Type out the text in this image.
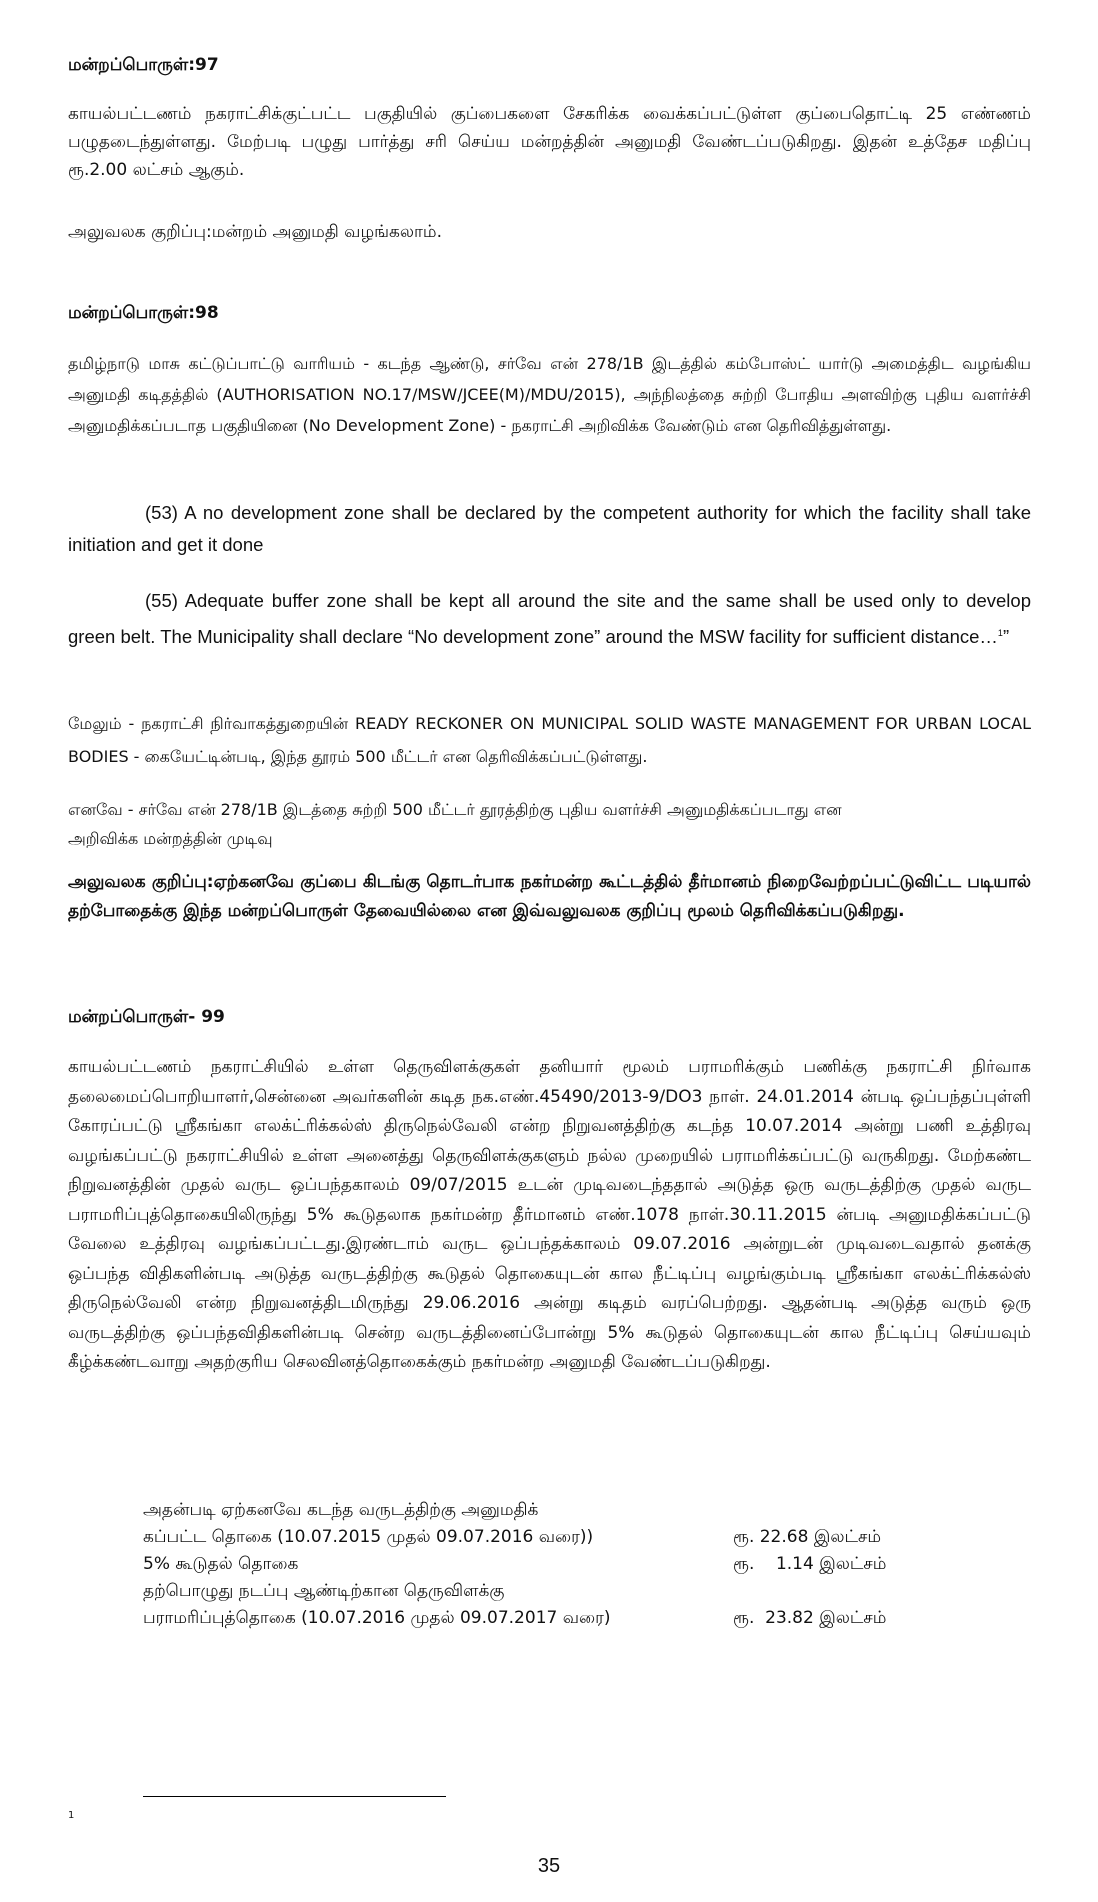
மன்றப்பொருள்:97
காயல்பட்டணம் நகராட்சிக்குட்பட்ட பகுதியில் குப்பைகளை சேகரிக்க வைக்கப்பட்டுள்ள குப்பைதொட்டி 25 எண்ணம் பழுதடைந்துள்ளது. மேற்படி பழுது பார்த்து சரி செய்ய மன்றத்தின் அனுமதி வேண்டப்படுகிறது. இதன் உத்தேச மதிப்பு ரூ.2.00 லட்சம் ஆகும்.
அலுவலக குறிப்பு:மன்றம் அனுமதி வழங்கலாம்.
மன்றப்பொருள்:98
தமிழ்நாடு மாசு கட்டுப்பாட்டு வாரியம் - கடந்த ஆண்டு, சர்வே என் 278/1B இடத்தில் கம்போஸ்ட் யார்டு அமைத்திட வழங்கிய அனுமதி கடிதத்தில் (AUTHORISATION NO.17/MSW/JCEE(M)/MDU/2015), அந்நிலத்தை சுற்றி போதிய அளவிற்கு புதிய வளர்ச்சி அனுமதிக்கப்படாத பகுதியினை (No Development Zone) - நகராட்சி அறிவிக்க வேண்டும் என தெரிவித்துள்ளது.
(53) A no development zone shall be declared by the competent authority for which the facility shall take initiation and get it done
(55) Adequate buffer zone shall be kept all around the site and the same shall be used only to develop green belt. The Municipality shall declare “No development zone” around the MSW facility for sufficient distance…$^1$”
மேலும் - நகராட்சி நிர்வாகத்துறையின் READY RECKONER ON MUNICIPAL SOLID WASTE MANAGEMENT FOR URBAN LOCAL BODIES - கையேட்டின்படி, இந்த தூரம் 500 மீட்டர் என தெரிவிக்கப்பட்டுள்ளது.
எனவே - சர்வே என் 278/1B இடத்தை சுற்றி 500 மீட்டர் தூரத்திற்கு புதிய வளர்ச்சி அனுமதிக்கப்படாது என அறிவிக்க மன்றத்தின் முடிவு
அலுவலக குறிப்பு:ஏற்கனவே குப்பை கிடங்கு தொடர்பாக நகர்மன்ற கூட்டத்தில் தீர்மானம் நிறைவேற்றப்பட்டுவிட்ட படியால் தற்போதைக்கு இந்த மன்றப்பொருள் தேவையில்லை என இவ்வலுவலக குறிப்பு மூலம் தெரிவிக்கப்படுகிறது.
மன்றப்பொருள்- 99
காயல்பட்டணம் நகராட்சியில் உள்ள தெருவிளக்குகள் தனியார் மூலம் பராமரிக்கும் பணிக்கு நகராட்சி நிர்வாக தலைமைப்பொறியாளர்,சென்னை அவர்களின் கடித நக.எண்.45490/2013-9/DO3 நாள். 24.01.2014 ன்படி ஒப்பந்தப்புள்ளி கோரப்பட்டு ஸ்ரீகங்கா எலக்ட்ரிக்கல்ஸ் திருநெல்வேலி என்ற நிறுவனத்திற்கு கடந்த 10.07.2014 அன்று பணி உத்திரவு வழங்கப்பட்டு நகராட்சியில் உள்ள அனைத்து தெருவிளக்குகளும் நல்ல முறையில் பராமரிக்கப்பட்டு வருகிறது. மேற்கண்ட நிறுவனத்தின் முதல் வருட ஒப்பந்தகாலம் 09/07/2015 உடன் முடிவடைந்ததால் அடுத்த ஒரு வருடத்திற்கு முதல் வருட பராமரிப்புத்தொகையிலிருந்து 5% கூடுதலாக நகர்மன்ற தீர்மானம் எண்.1078 நாள்.30.11.2015 ன்படி அனுமதிக்கப்பட்டு வேலை உத்திரவு வழங்கப்பட்டது.இரண்டாம் வருட ஒப்பந்தக்காலம் 09.07.2016 அன்றுடன் முடிவடைவதால் தனக்கு ஒப்பந்த விதிகளின்படி அடுத்த வருடத்திற்கு கூடுதல் தொகையுடன் கால நீட்டிப்பு வழங்கும்படி ஸ்ரீகங்கா எலக்ட்ரிக்கல்ஸ் திருநெல்வேலி என்ற நிறுவனத்திடமிருந்து 29.06.2016 அன்று கடிதம் வரப்பெற்றது. ஆதன்படி அடுத்த வரும் ஒரு வருடத்திற்கு ஒப்பந்தவிதிகளின்படி சென்ற வருடத்தினைப்போன்று 5% கூடுதல் தொகையுடன் கால நீட்டிப்பு செய்யவும் கீழ்க்கண்டவாறு அதற்குரிய செலவினத்தொகைக்கும் நகர்மன்ற அனுமதி வேண்டப்படுகிறது.
அதன்படி ஏற்கனவே கடந்த வருடத்திற்கு அனுமதிக்
கப்பட்ட தொகை (10.07.2015 முதல் 09.07.2016 வரை))	ரூ. 22.68 இலட்சம்
5% கூடுதல் தொகை	ரூ.    1.14 இலட்சம்
தற்பொழுது நடப்பு ஆண்டிற்கான தெருவிளக்கு
பராமரிப்புத்தொகை (10.07.2016 முதல் 09.07.2017 வரை)	ரூ.  23.82 இலட்சம்
1
35
